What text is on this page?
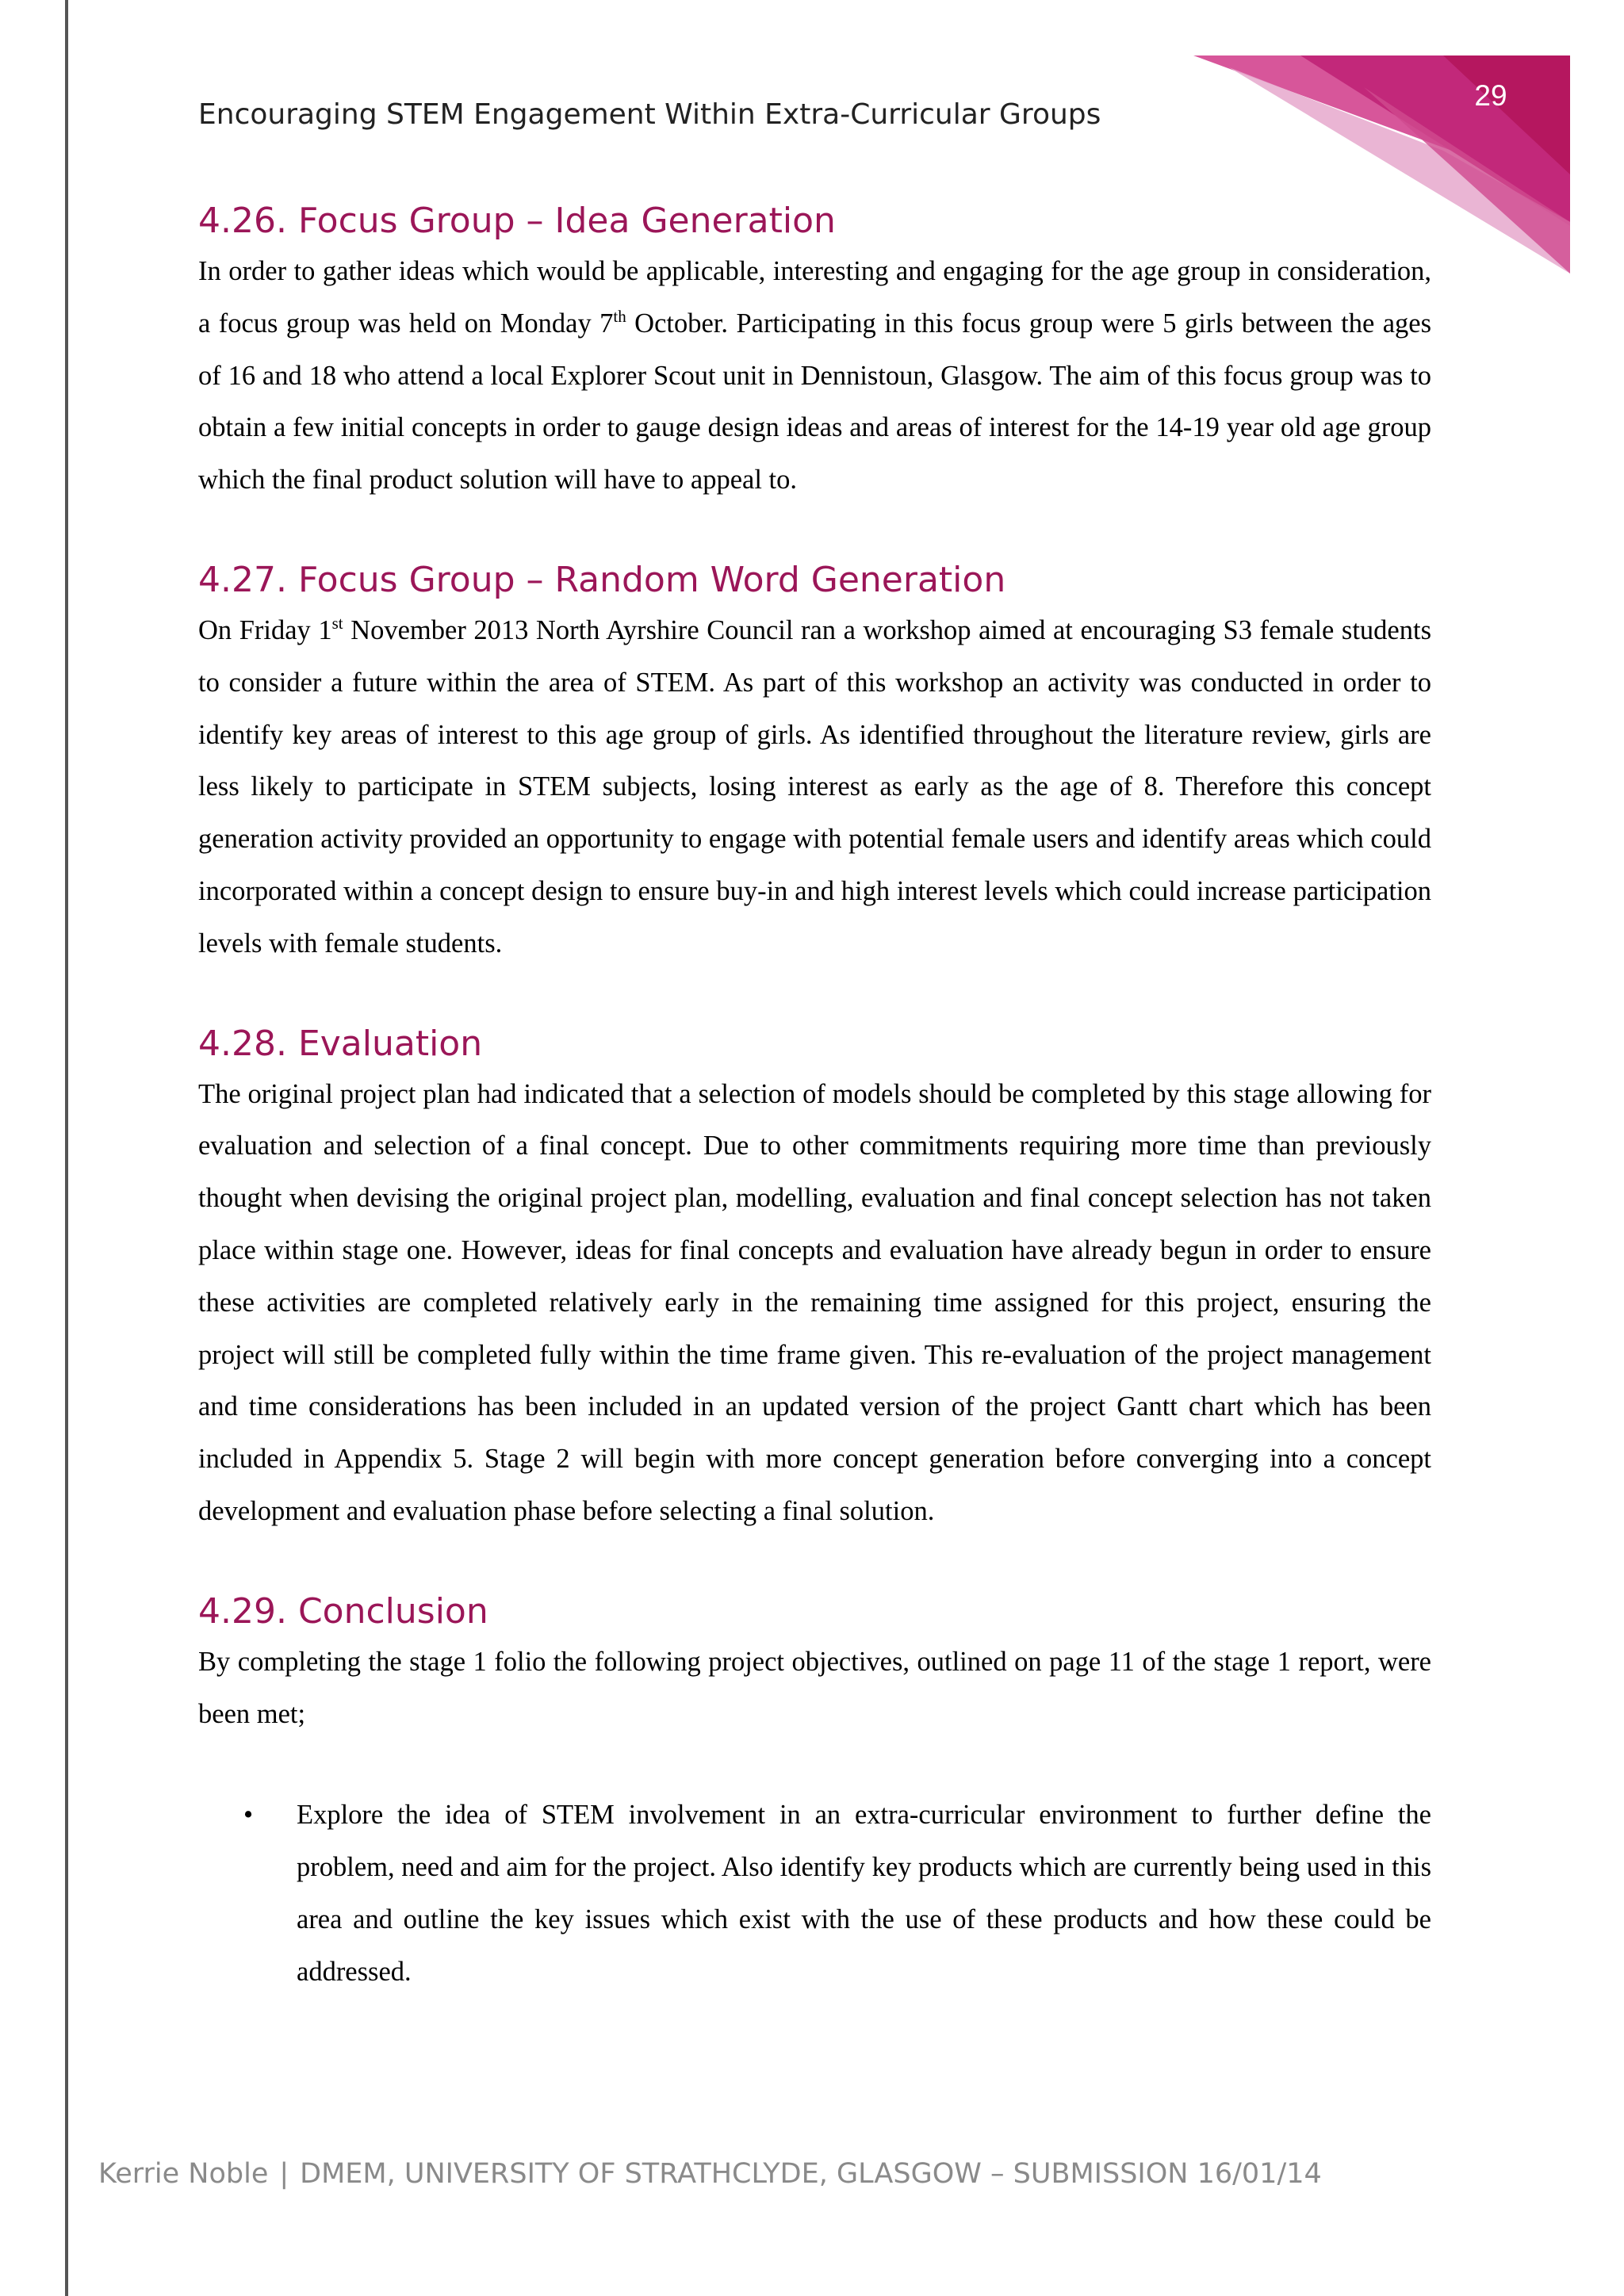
29
Encouraging STEM Engagement Within Extra-Curricular Groups
4.26. Focus Group – Idea Generation

In order to gather ideas which would be applicable, interesting and engaging for the age group in consideration, a focus group was held on Monday 7th October. Participating in this focus group were 5 girls between the ages of 16 and 18 who attend a local Explorer Scout unit in Dennistoun, Glasgow. The aim of this focus group was to obtain a few initial concepts in order to gauge design ideas and areas of interest for the 14-19 year old age group which the final product solution will have to appeal to.

4.27. Focus Group – Random Word Generation

On Friday 1st November 2013 North Ayrshire Council ran a workshop aimed at encouraging S3 female students to consider a future within the area of STEM. As part of this workshop an activity was conducted in order to identify key areas of interest to this age group of girls. As identified throughout the literature review, girls are less likely to participate in STEM subjects, losing interest as early as the age of 8. Therefore this concept generation activity provided an opportunity to engage with potential female users and identify areas which could incorporated within a concept design to ensure buy-in and high interest levels which could increase participation levels with female students.

4.28. Evaluation

The original project plan had indicated that a selection of models should be completed by this stage allowing for evaluation and selection of a final concept. Due to other commitments requiring more time than previously thought when devising the original project plan, modelling, evaluation and final concept selection has not taken place within stage one. However, ideas for final concepts and evaluation have already begun in order to ensure these activities are completed relatively early in the remaining time assigned for this project, ensuring the project will still be completed fully within the time frame given. This re-evaluation of the project management and time considerations has been included in an updated version of the project Gantt chart which has been included in Appendix 5. Stage 2 will begin with more concept generation before converging into a concept development and evaluation phase before selecting a final solution.

4.29. Conclusion

By completing the stage 1 folio the following project objectives, outlined on page 11 of the stage 1 report, were been met;

• Explore the idea of STEM involvement in an extra-curricular environment to further define the problem, need and aim for the project. Also identify key products which are currently being used in this area and outline the key issues which exist with the use of these products and how these could be addressed.

Kerrie Noble | DMEM, UNIVERSITY OF STRATHCLYDE, GLASGOW – SUBMISSION 16/01/14
